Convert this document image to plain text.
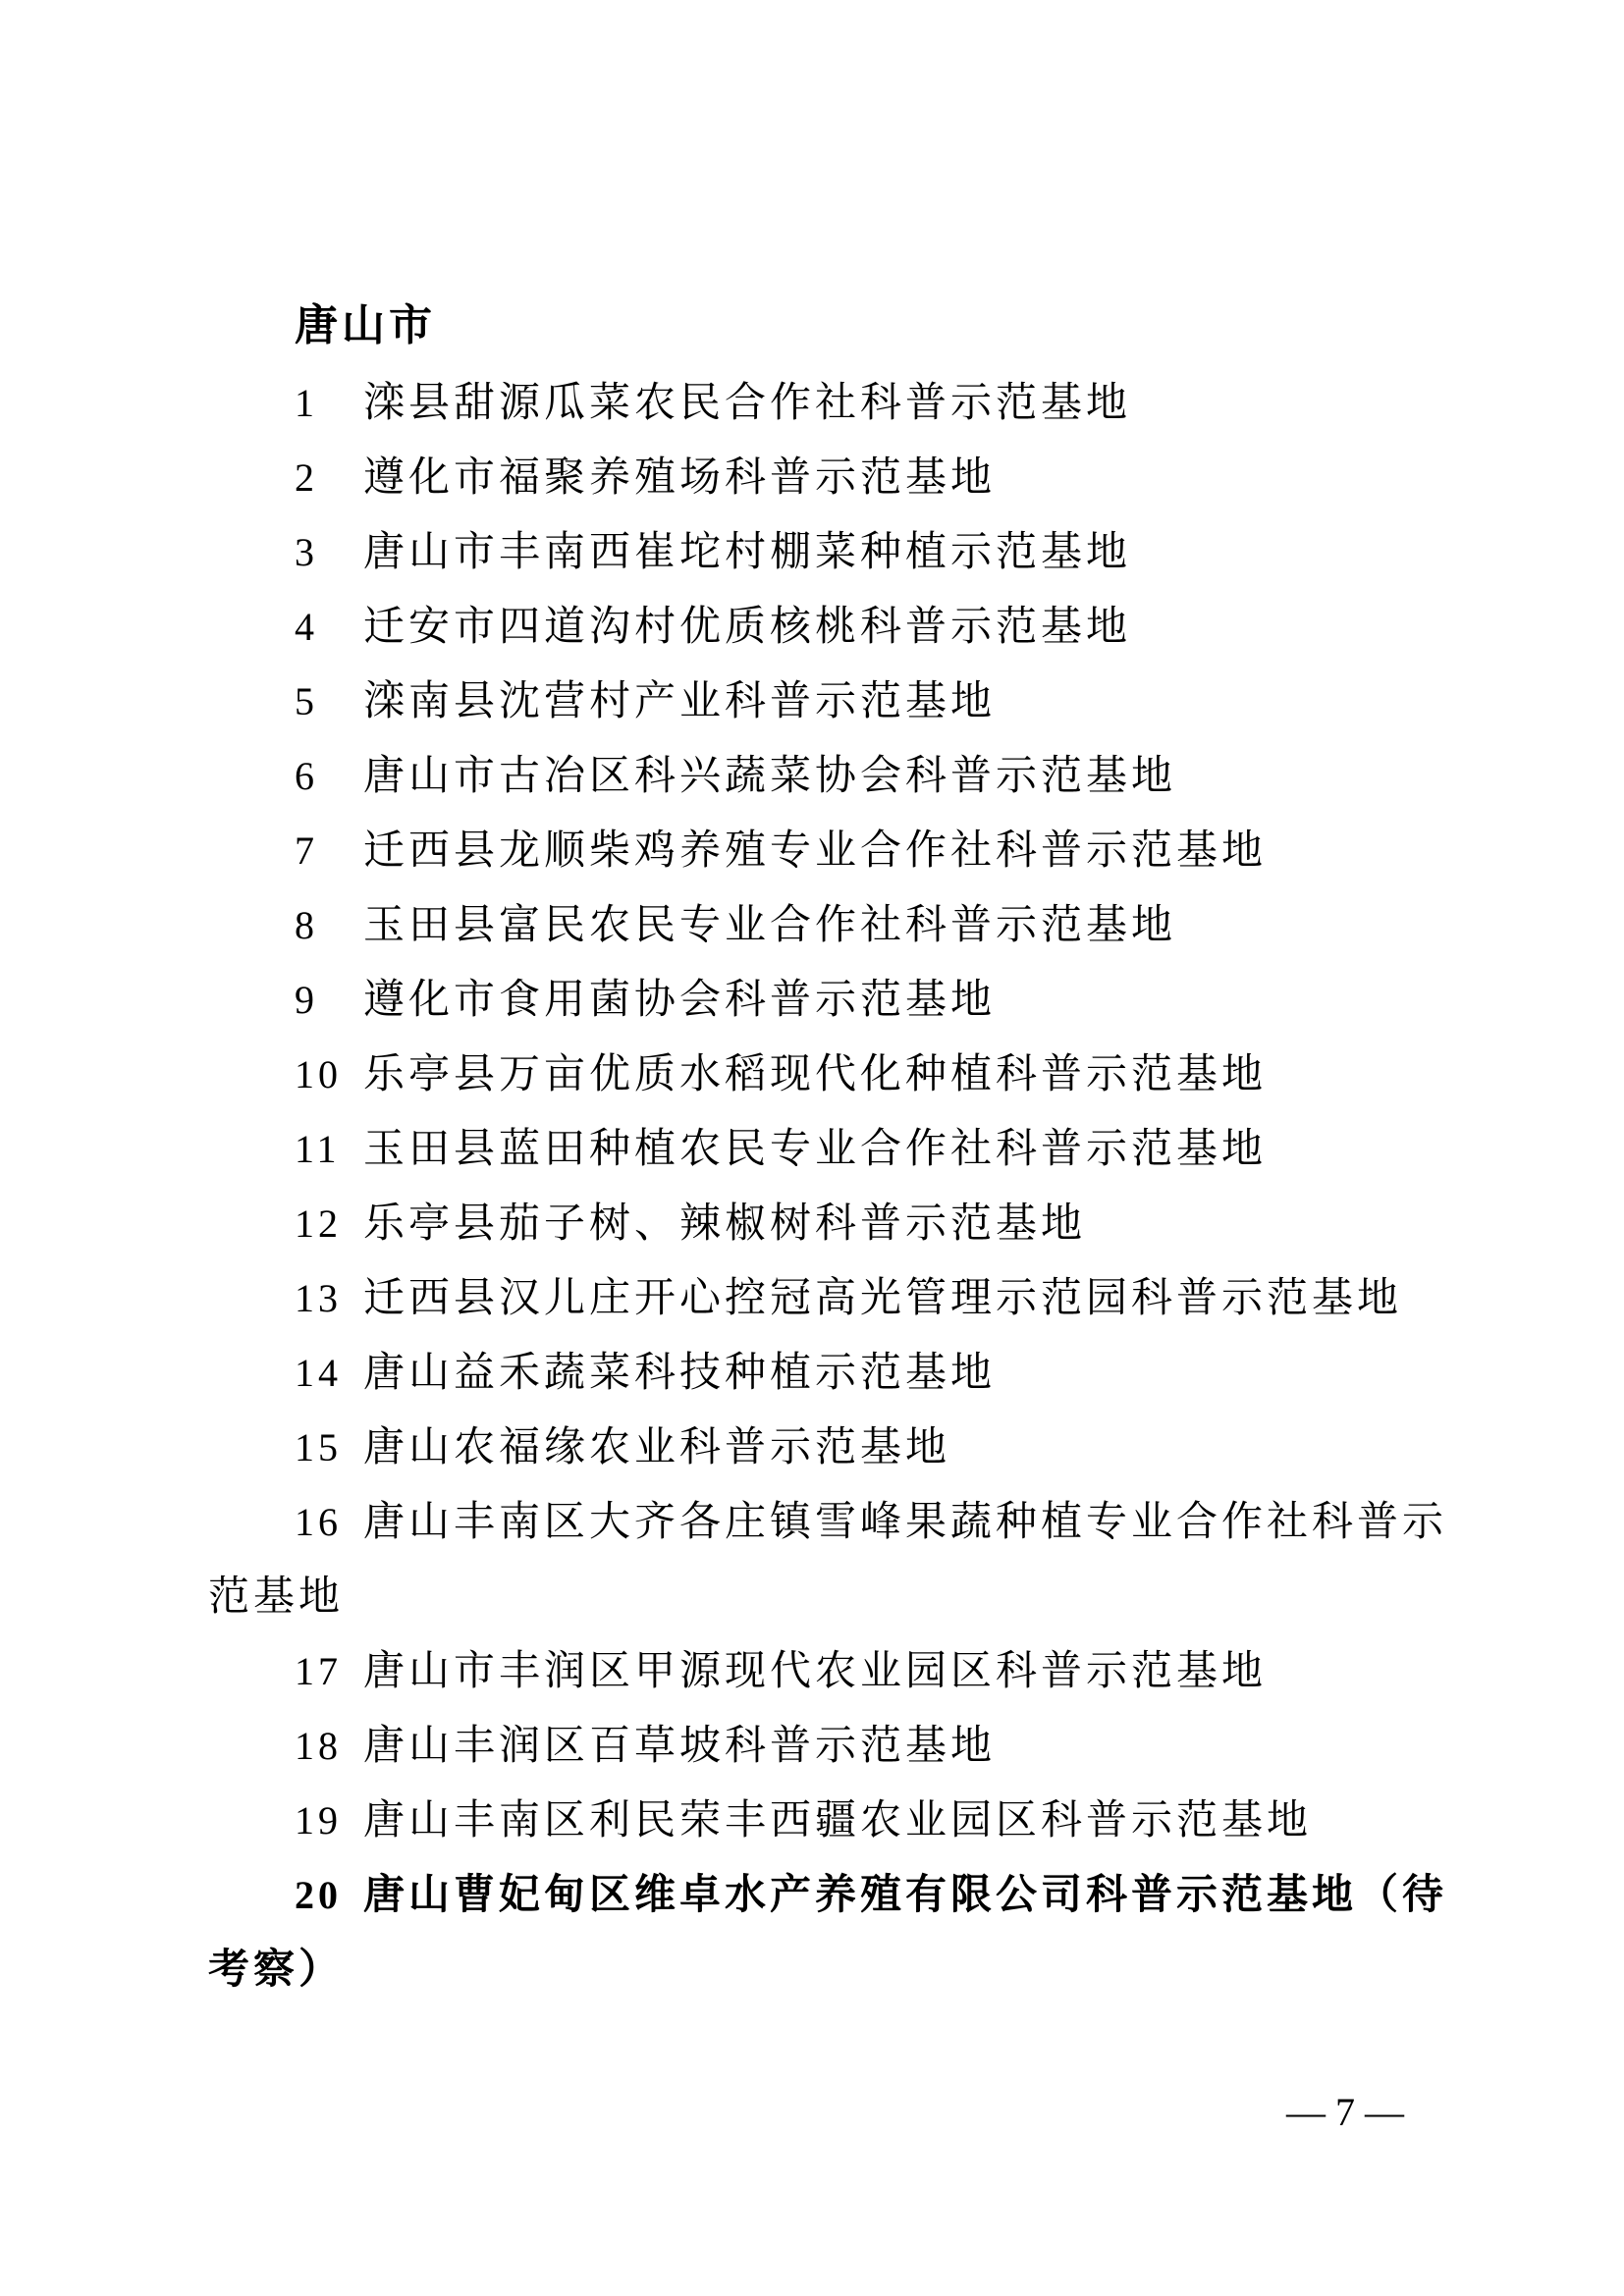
唐山市
1 滦县甜源瓜菜农民合作社科普示范基地
2 遵化市福聚养殖场科普示范基地
3 唐山市丰南西崔坨村棚菜种植示范基地
4 迁安市四道沟村优质核桃科普示范基地
5 滦南县沈营村产业科普示范基地
6 唐山市古冶区科兴蔬菜协会科普示范基地
7 迁西县龙顺柴鸡养殖专业合作社科普示范基地
8 玉田县富民农民专业合作社科普示范基地
9 遵化市食用菌协会科普示范基地
10 乐亭县万亩优质水稻现代化种植科普示范基地
11 玉田县蓝田种植农民专业合作社科普示范基地
12 乐亭县茄子树、辣椒树科普示范基地
13 迁西县汉儿庄开心控冠高光管理示范园科普示范基地
14 唐山益禾蔬菜科技种植示范基地
15 唐山农福缘农业科普示范基地
16 唐山丰南区大齐各庄镇雪峰果蔬种植专业合作社科普示
范基地
17 唐山市丰润区甲源现代农业园区科普示范基地
18 唐山丰润区百草坡科普示范基地
19 唐山丰南区利民荣丰西疆农业园区科普示范基地
20 唐山曹妃甸区维卓水产养殖有限公司科普示范基地（待
考察）
— 7 —
